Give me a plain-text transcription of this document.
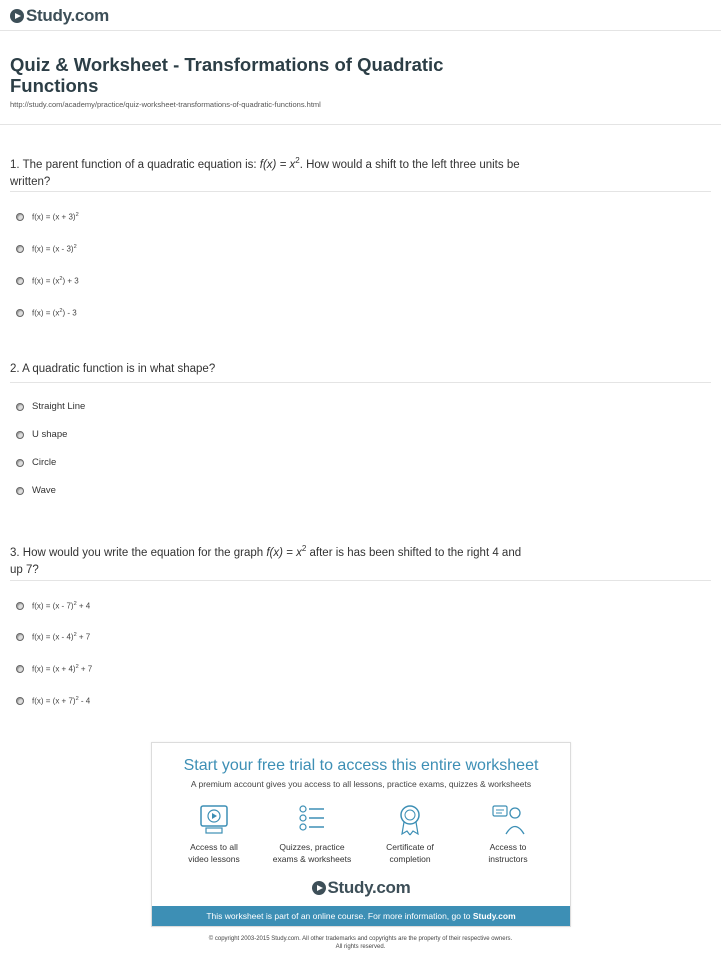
Study.com
Quiz & Worksheet - Transformations of Quadratic Functions
http://study.com/academy/practice/quiz-worksheet-transformations-of-quadratic-functions.html
1. The parent function of a quadratic equation is: $f(x) = x^2$. How would a shift to the left three units be
written?
$f(x) = (x + 3)^2$
f(x) = (x - 3)$^2$
$f(x) = (x^2) + 3$
$f(x) = (x^2) - 3$
2. A quadratic function is in what shape?
Straight Line
U shape
Circle
Wave
3. How would you write the equation for the graph $f(x) = x^2$ after is has been shifted to the right 4 and
up 7?
f(x) = (x - 7)$^2$ + 4
f(x) = (x - 4)$^2$ + 7
$f(x) = (x + 4)^2 + 7$
$f(x) = (x + 7)^2 - 4$
Start your free trial to access this entire worksheet
A premium account gives you access to all lessons, practice exams, quizzes & worksheets
Access to all
video lessons
Quizzes, practice
exams & worksheets
Certificate of
completion
Access to
instructors
Study.com
This worksheet is part of an online course. For more information, go to Study.com
© copyright 2003-2015 Study.com. All other trademarks and copyrights are the property of their respective owners.
All rights reserved.
